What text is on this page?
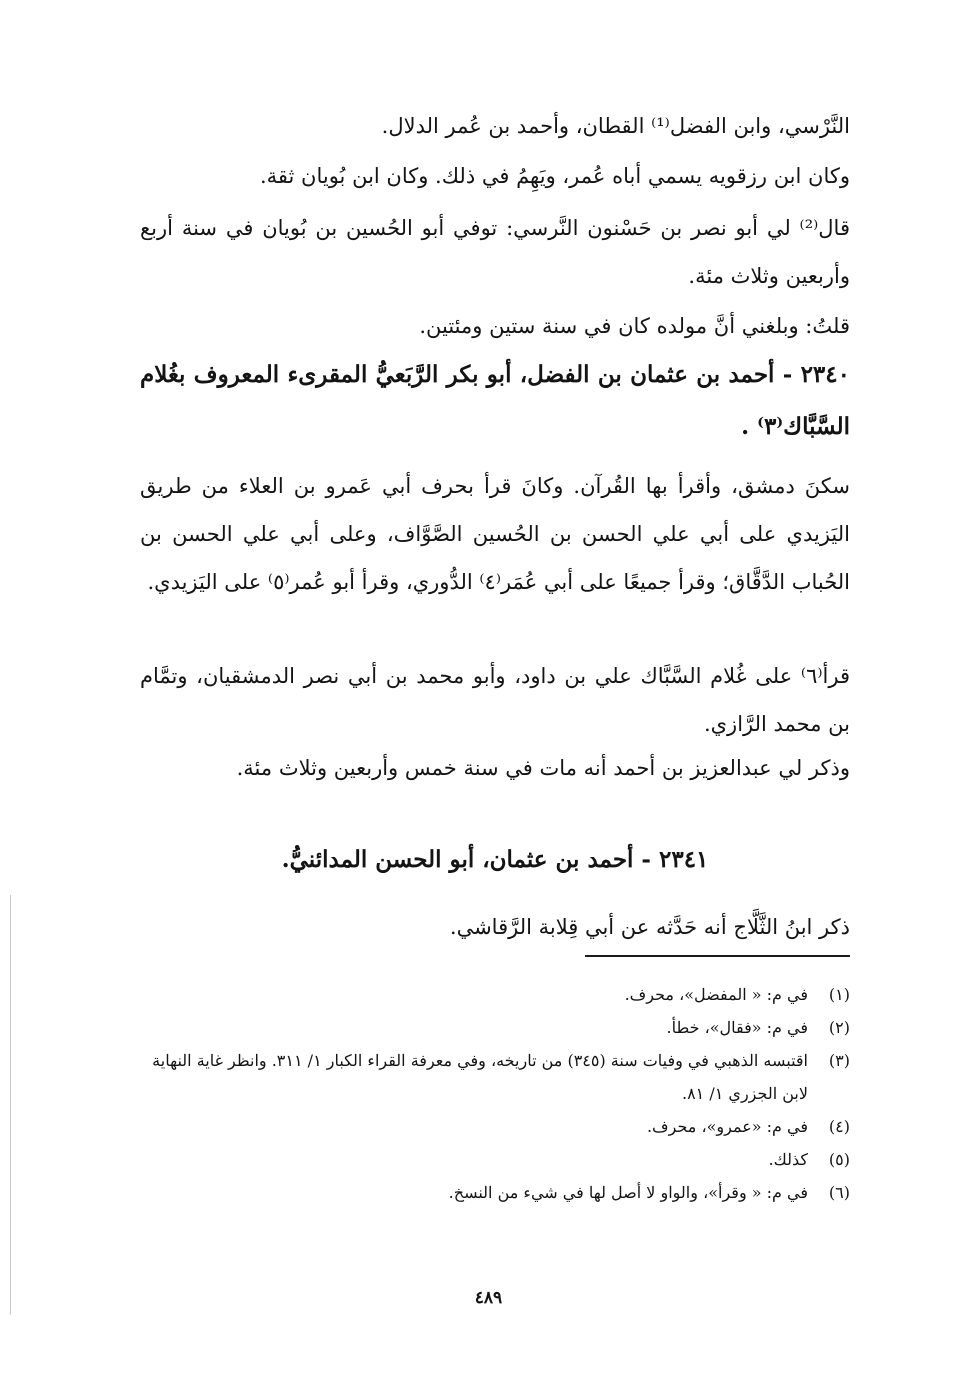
النَّرْسي، وابن الفضل⁽¹⁾ القطان، وأحمد بن عُمر الدلال.
وكان ابن رزقويه يسمي أباه عُمر، ويَهِمُ في ذلك. وكان ابن بُويان ثقة.
قال⁽²⁾ لي أبو نصر بن حَسْنون النَّرسي: توفي أبو الحُسين بن بُويان في سنة أربع وأربعين وثلاث مئة.
قلتُ: وبلغني أنَّ مولده كان في سنة ستين ومئتين.
٢٣٤٠ - أحمد بن عثمان بن الفضل، أبو بكر الرَّبَعيُّ المقرىء المعروف بغُلام السَّبَّاك⁽٣⁾ .
سكنَ دمشق، وأقرأ بها القُرآن. وكانَ قرأ بحرف أبي عَمرو بن العلاء من طريق اليَزيدي على أبي علي الحسن بن الحُسين الصَّوَّاف، وعلى أبي علي الحسن بن الحُباب الدَّقَّاق؛ وقرأ جميعًا على أبي عُمَر⁽٤⁾ الدُّوري، وقرأ أبو عُمر⁽٥⁾ على اليَزيدي.
قرأ⁽٦⁾ على غُلام السَّبَّاك علي بن داود، وأبو محمد بن أبي نصر الدمشقيان، وتمَّام بن محمد الرَّازي.
وذكر لي عبدالعزيز بن أحمد أنه مات في سنة خمس وأربعين وثلاث مئة.
٢٣٤١ - أحمد بن عثمان، أبو الحسن المدائنيُّ.
ذكر ابنُ الثَّلَّاج أنه حَدَّثه عن أبي قِلابة الرَّقاشي.
(١)
في م: « المفضل»، محرف.
(٢)
في م: «فقال»، خطأ.
(٣)
اقتبسه الذهبي في وفيات سنة (٣٤٥) من تاريخه، وفي معرفة القراء الكبار ١/ ٣١١. وانظر غاية النهاية لابن الجزري ١/ ٨١.
(٤)
في م: «عمرو»، محرف.
(٥)
كذلك.
(٦)
في م: « وقرأ»، والواو لا أصل لها في شيء من النسخ.
٤٨٩
